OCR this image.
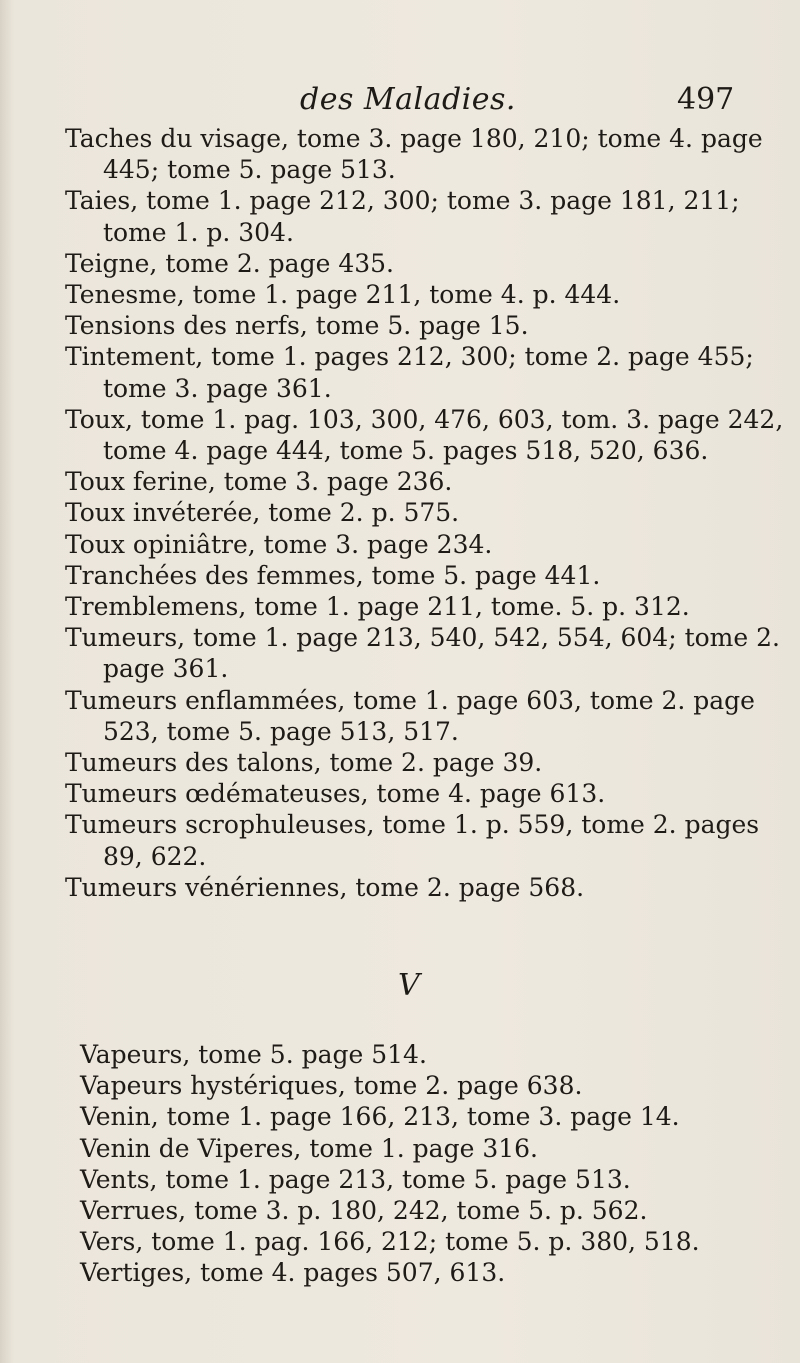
des Maladies.	497
Taches du visage, tome 3. page 180, 210; tome 4. page 445; tome 5. page 513.
Taies, tome 1. page 212, 300; tome 3. page 181, 211; tome 1. p. 304.
Teigne, tome 2. page 435.
Tenesme, tome 1. page 211, tome 4. p. 444.
Tensions des nerfs, tome 5. page 15.
Tintement, tome 1. pages 212, 300; tome 2. page 455; tome 3. page 361.
Toux, tome 1. pag. 103, 300, 476, 603, tom. 3. page 242, tome 4. page 444, tome 5. pages 518, 520, 636.
Toux ferine, tome 3. page 236.
Toux invéterée, tome 2. p. 575.
Toux opiniâtre, tome 3. page 234.
Tranchées des femmes, tome 5. page 441.
Tremblemens, tome 1. page 211, tome. 5. p. 312.
Tumeurs, tome 1. page 213, 540, 542, 554, 604; tome 2. page 361.
Tumeurs enflammées, tome 1. page 603, tome 2. page 523, tome 5. page 513, 517.
Tumeurs des talons, tome 2. page 39.
Tumeurs œdémateuses, tome 4. page 613.
Tumeurs scrophuleuses, tome 1. p. 559, tome 2. pages 89, 622.
Tumeurs vénériennes, tome 2. page 568.
V
Vapeurs, tome 5. page 514.
Vapeurs hystériques, tome 2. page 638.
Venin, tome 1. page 166, 213, tome 3. page 14.
Venin de Viperes, tome 1. page 316.
Vents, tome 1. page 213, tome 5. page 513.
Verrues, tome 3. p. 180, 242, tome 5. p. 562.
Vers, tome 1. pag. 166, 212; tome 5. p. 380, 518.
Vertiges, tome 4. pages 507, 613.
